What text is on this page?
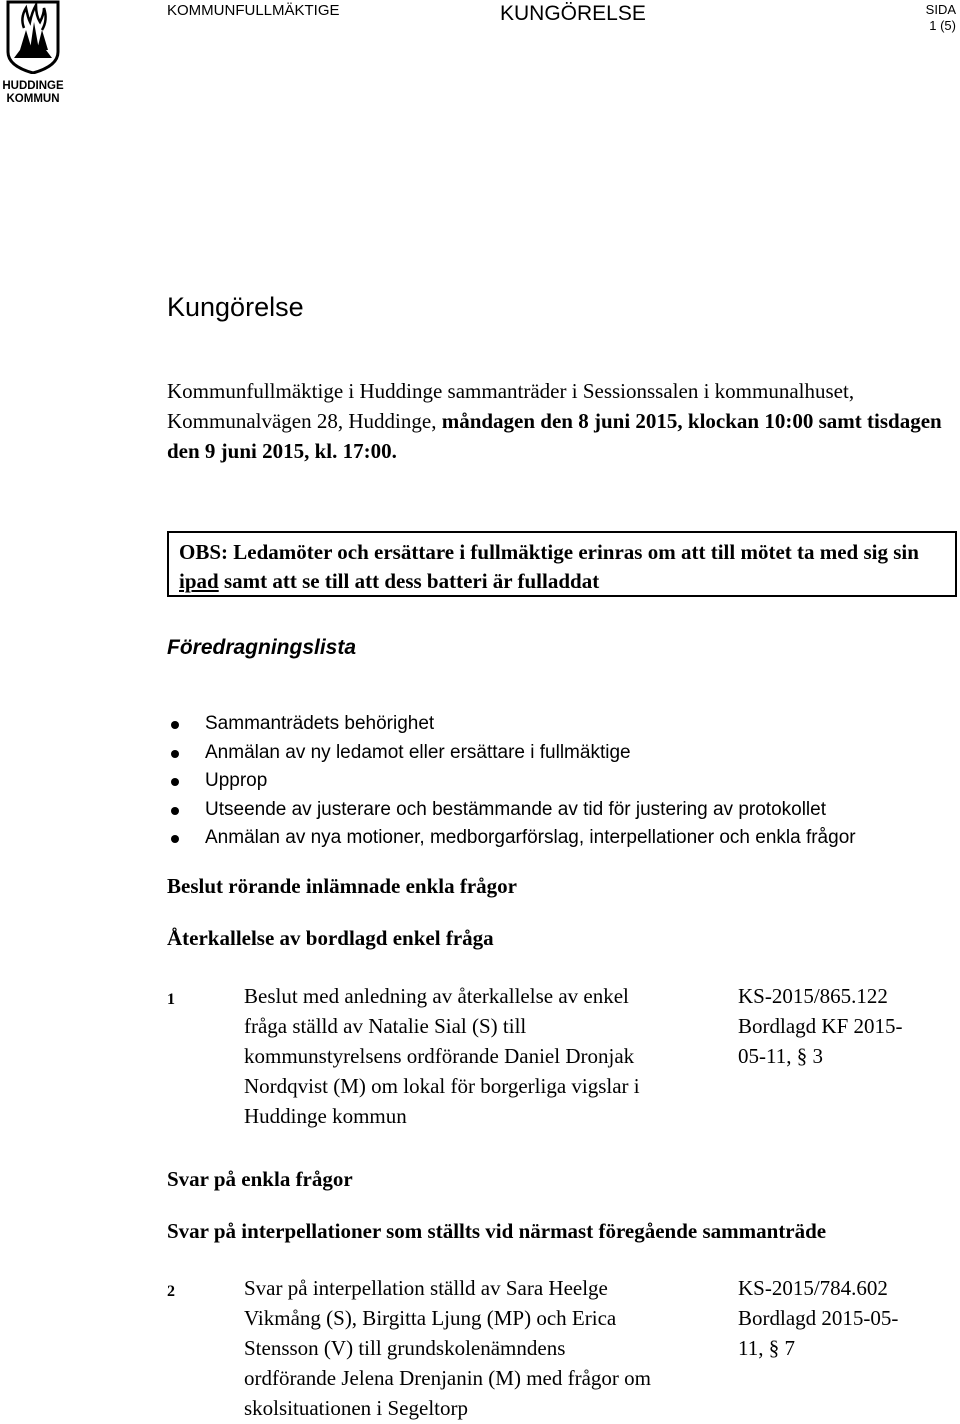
HUDDINGE
KOMMUN
KOMMUNFULLMÄKTIGE	KUNGÖRELSE	SIDA
1 (5)
Kungörelse
Kommunfullmäktige i Huddinge sammanträder i Sessionssalen i kommunalhuset, Kommunalvägen 28, Huddinge, måndagen den 8 juni 2015, klockan 10:00 samt tisdagen den 9 juni 2015, kl. 17:00.

OBS: Ledamöter och ersättare i fullmäktige erinras om att till mötet ta med sig sin ipad samt att se till att dess batteri är fulladdat

Föredragningslista
Sammanträdets behörighet
Anmälan av ny ledamot eller ersättare i fullmäktige
Upprop
Utseende av justerare och bestämmande av tid för justering av protokollet
Anmälan av nya motioner, medborgarförslag, interpellationer och enkla frågor
Beslut rörande inlämnade enkla frågor
Återkallelse av bordlagd enkel fråga
1	Beslut med anledning av återkallelse av enkel
fråga ställd av Natalie Sial (S) till
kommunstyrelsens ordförande Daniel Dronjak
Nordqvist (M) om lokal för borgerliga vigslar i
Huddinge kommun
KS-2015/865.122
Bordlagd KF 2015-
05-11, § 3
Svar på enkla frågor
Svar på interpellationer som ställts vid närmast föregående sammanträde
2	Svar på interpellation ställd av Sara Heelge
Vikmång (S), Birgitta Ljung (MP) och Erica
Stensson (V) till grundskolenämndens
ordförande Jelena Drenjanin (M) med frågor om
skolsituationen i Segeltorp
KS-2015/784.602
Bordlagd 2015-05-
11, § 7
